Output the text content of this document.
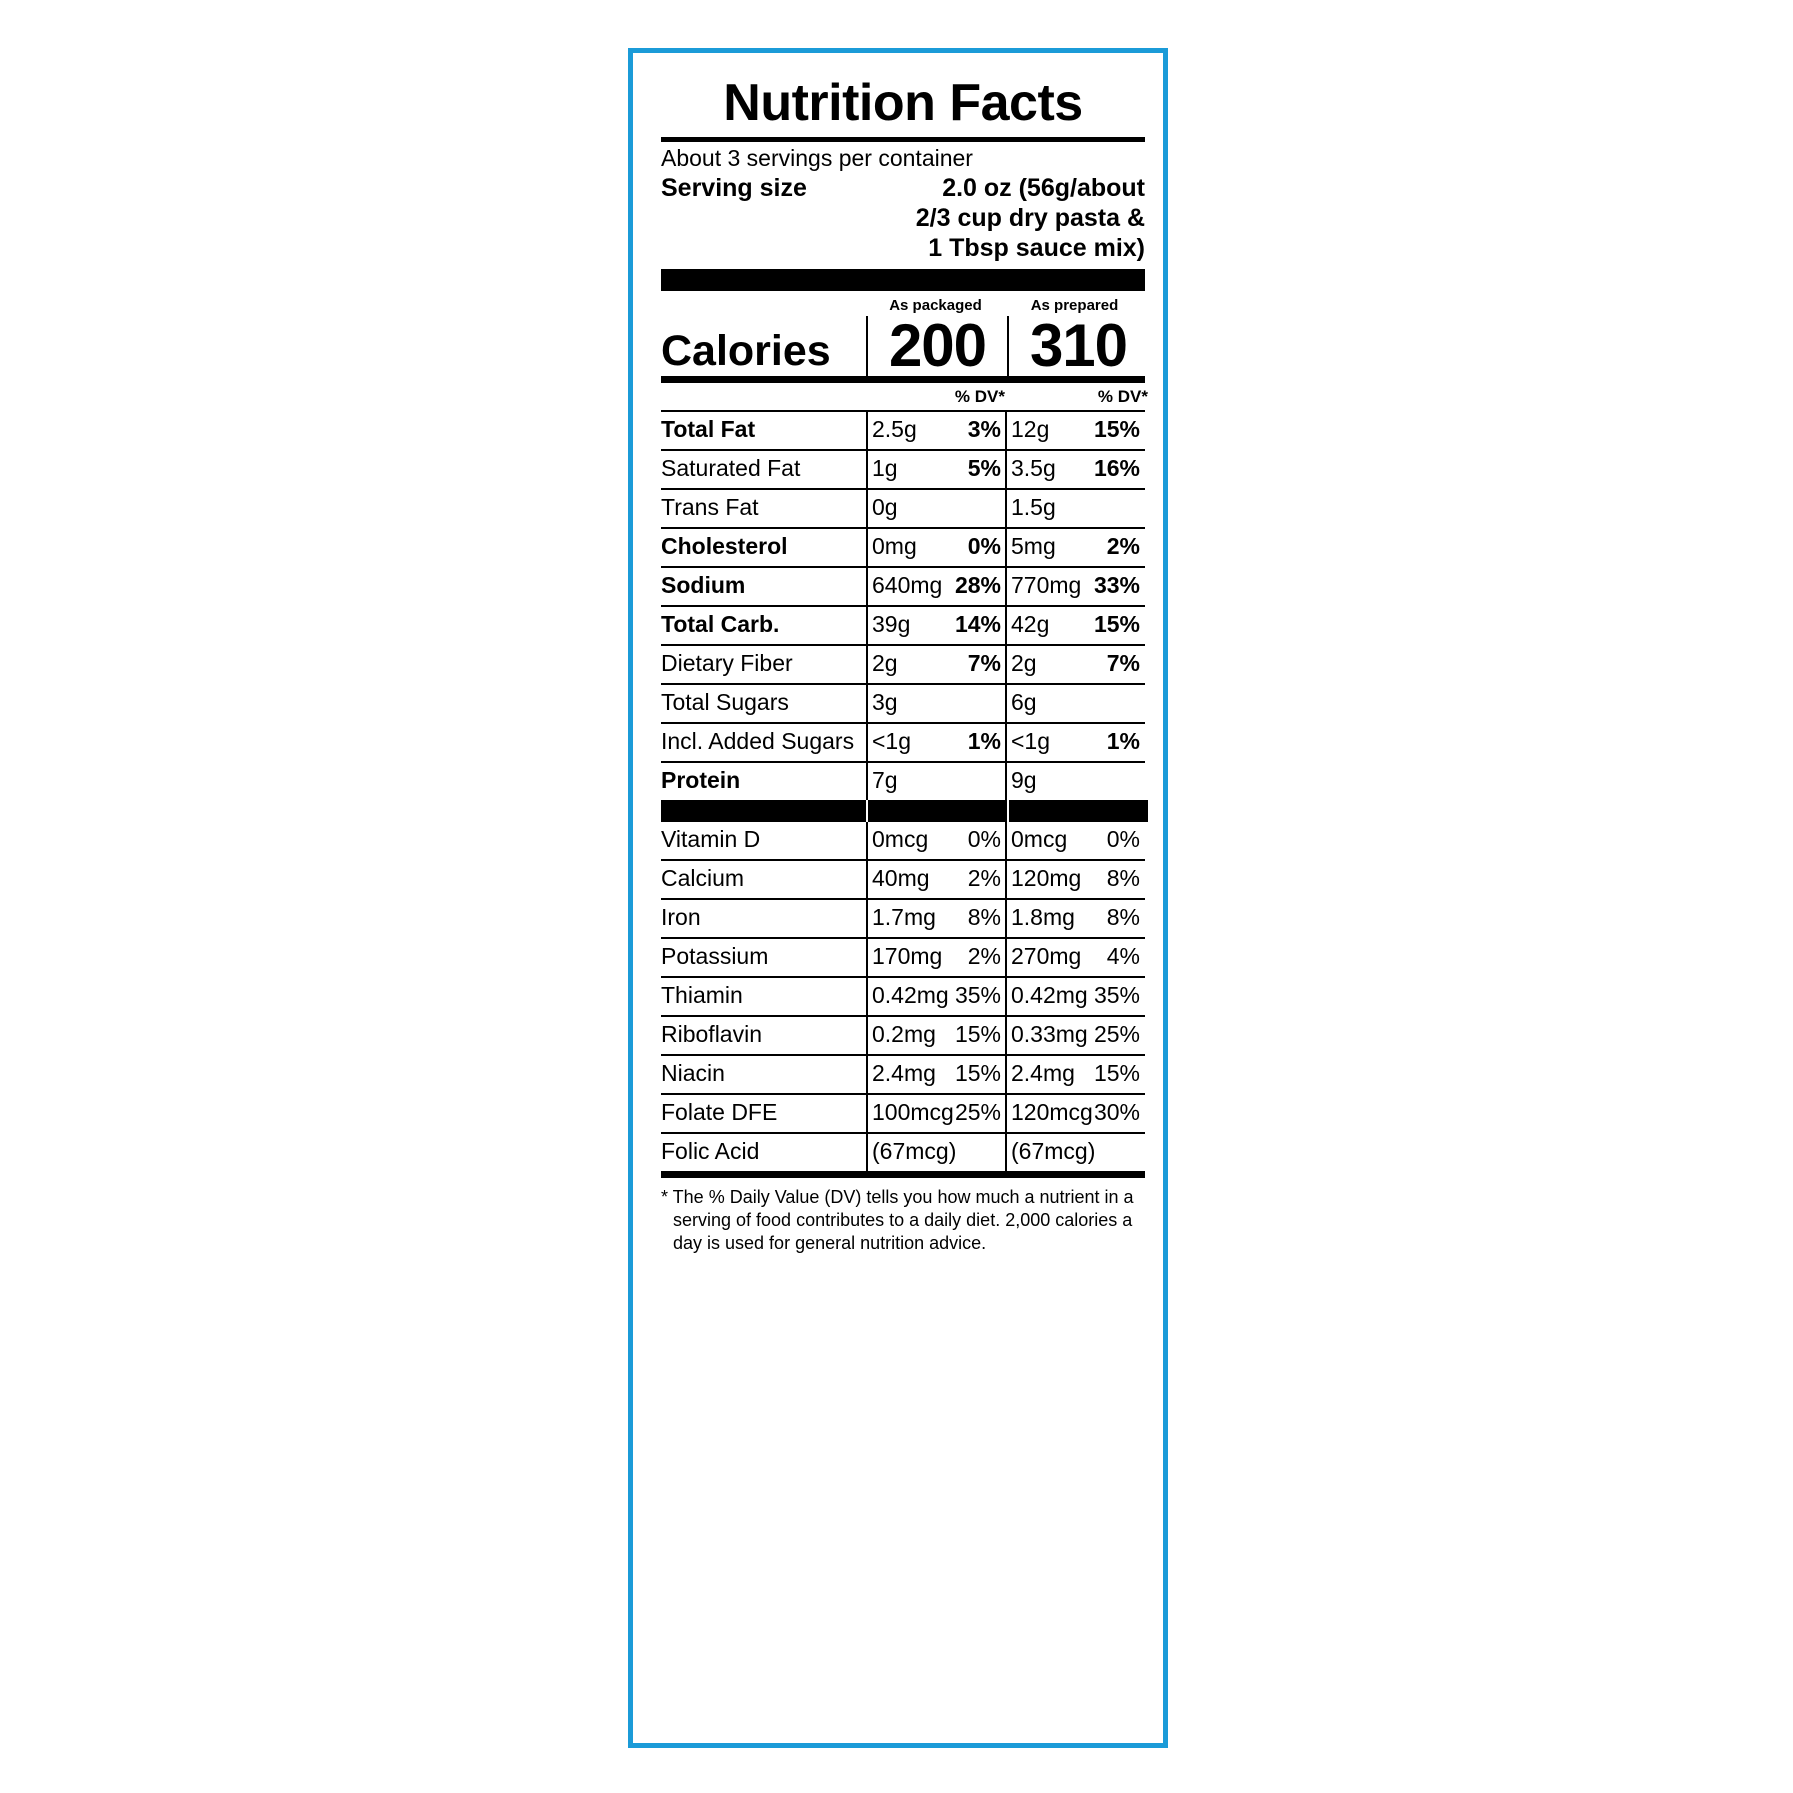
Nutrition Facts
About 3 servings per container
Serving size	2.0 oz (56g/about
2/3 cup dry pasta &
1 Tbsp sauce mix)
As packaged	As prepared
Calories 200 310
% DV*	% DV*
Total Fat	2.5g 3% 12g 15%
Saturated Fat	1g	5% 3.5g 16%
Trans Fat	0g	1.5g
Cholesterol	0mg 0% 5mg 2%
Sodium	640mg 28% 770mg 33%
Total Carb.	39g 14% 42g 15%
Dietary Fiber	2g	7% 2g	7%
Total Sugars	3g	6g
Incl. Added Sugars <1g 1% <1g 1%
Protein	7g	9g
Vitamin D	0mcg 0% 0mcg 0%
Calcium	40mg 2% 120mg 8%
Iron	1.7mg 8% 1.8mg 8%
Potassium	170mg 2% 270mg 4%
Thiamin	0.42mg 35% 0.42mg 35%
Riboflavin	0.2mg 15% 0.33mg 25%
Niacin	2.4mg 15% 2.4mg 15%
Folate DFE	100mcg 25% 120mcg 30%
Folic Acid	(67mcg) (67mcg)
* The % Daily Value (DV) tells you how much a nutrient in a serving of food contributes to a daily diet. 2,000 calories a day is used for general nutrition advice.
